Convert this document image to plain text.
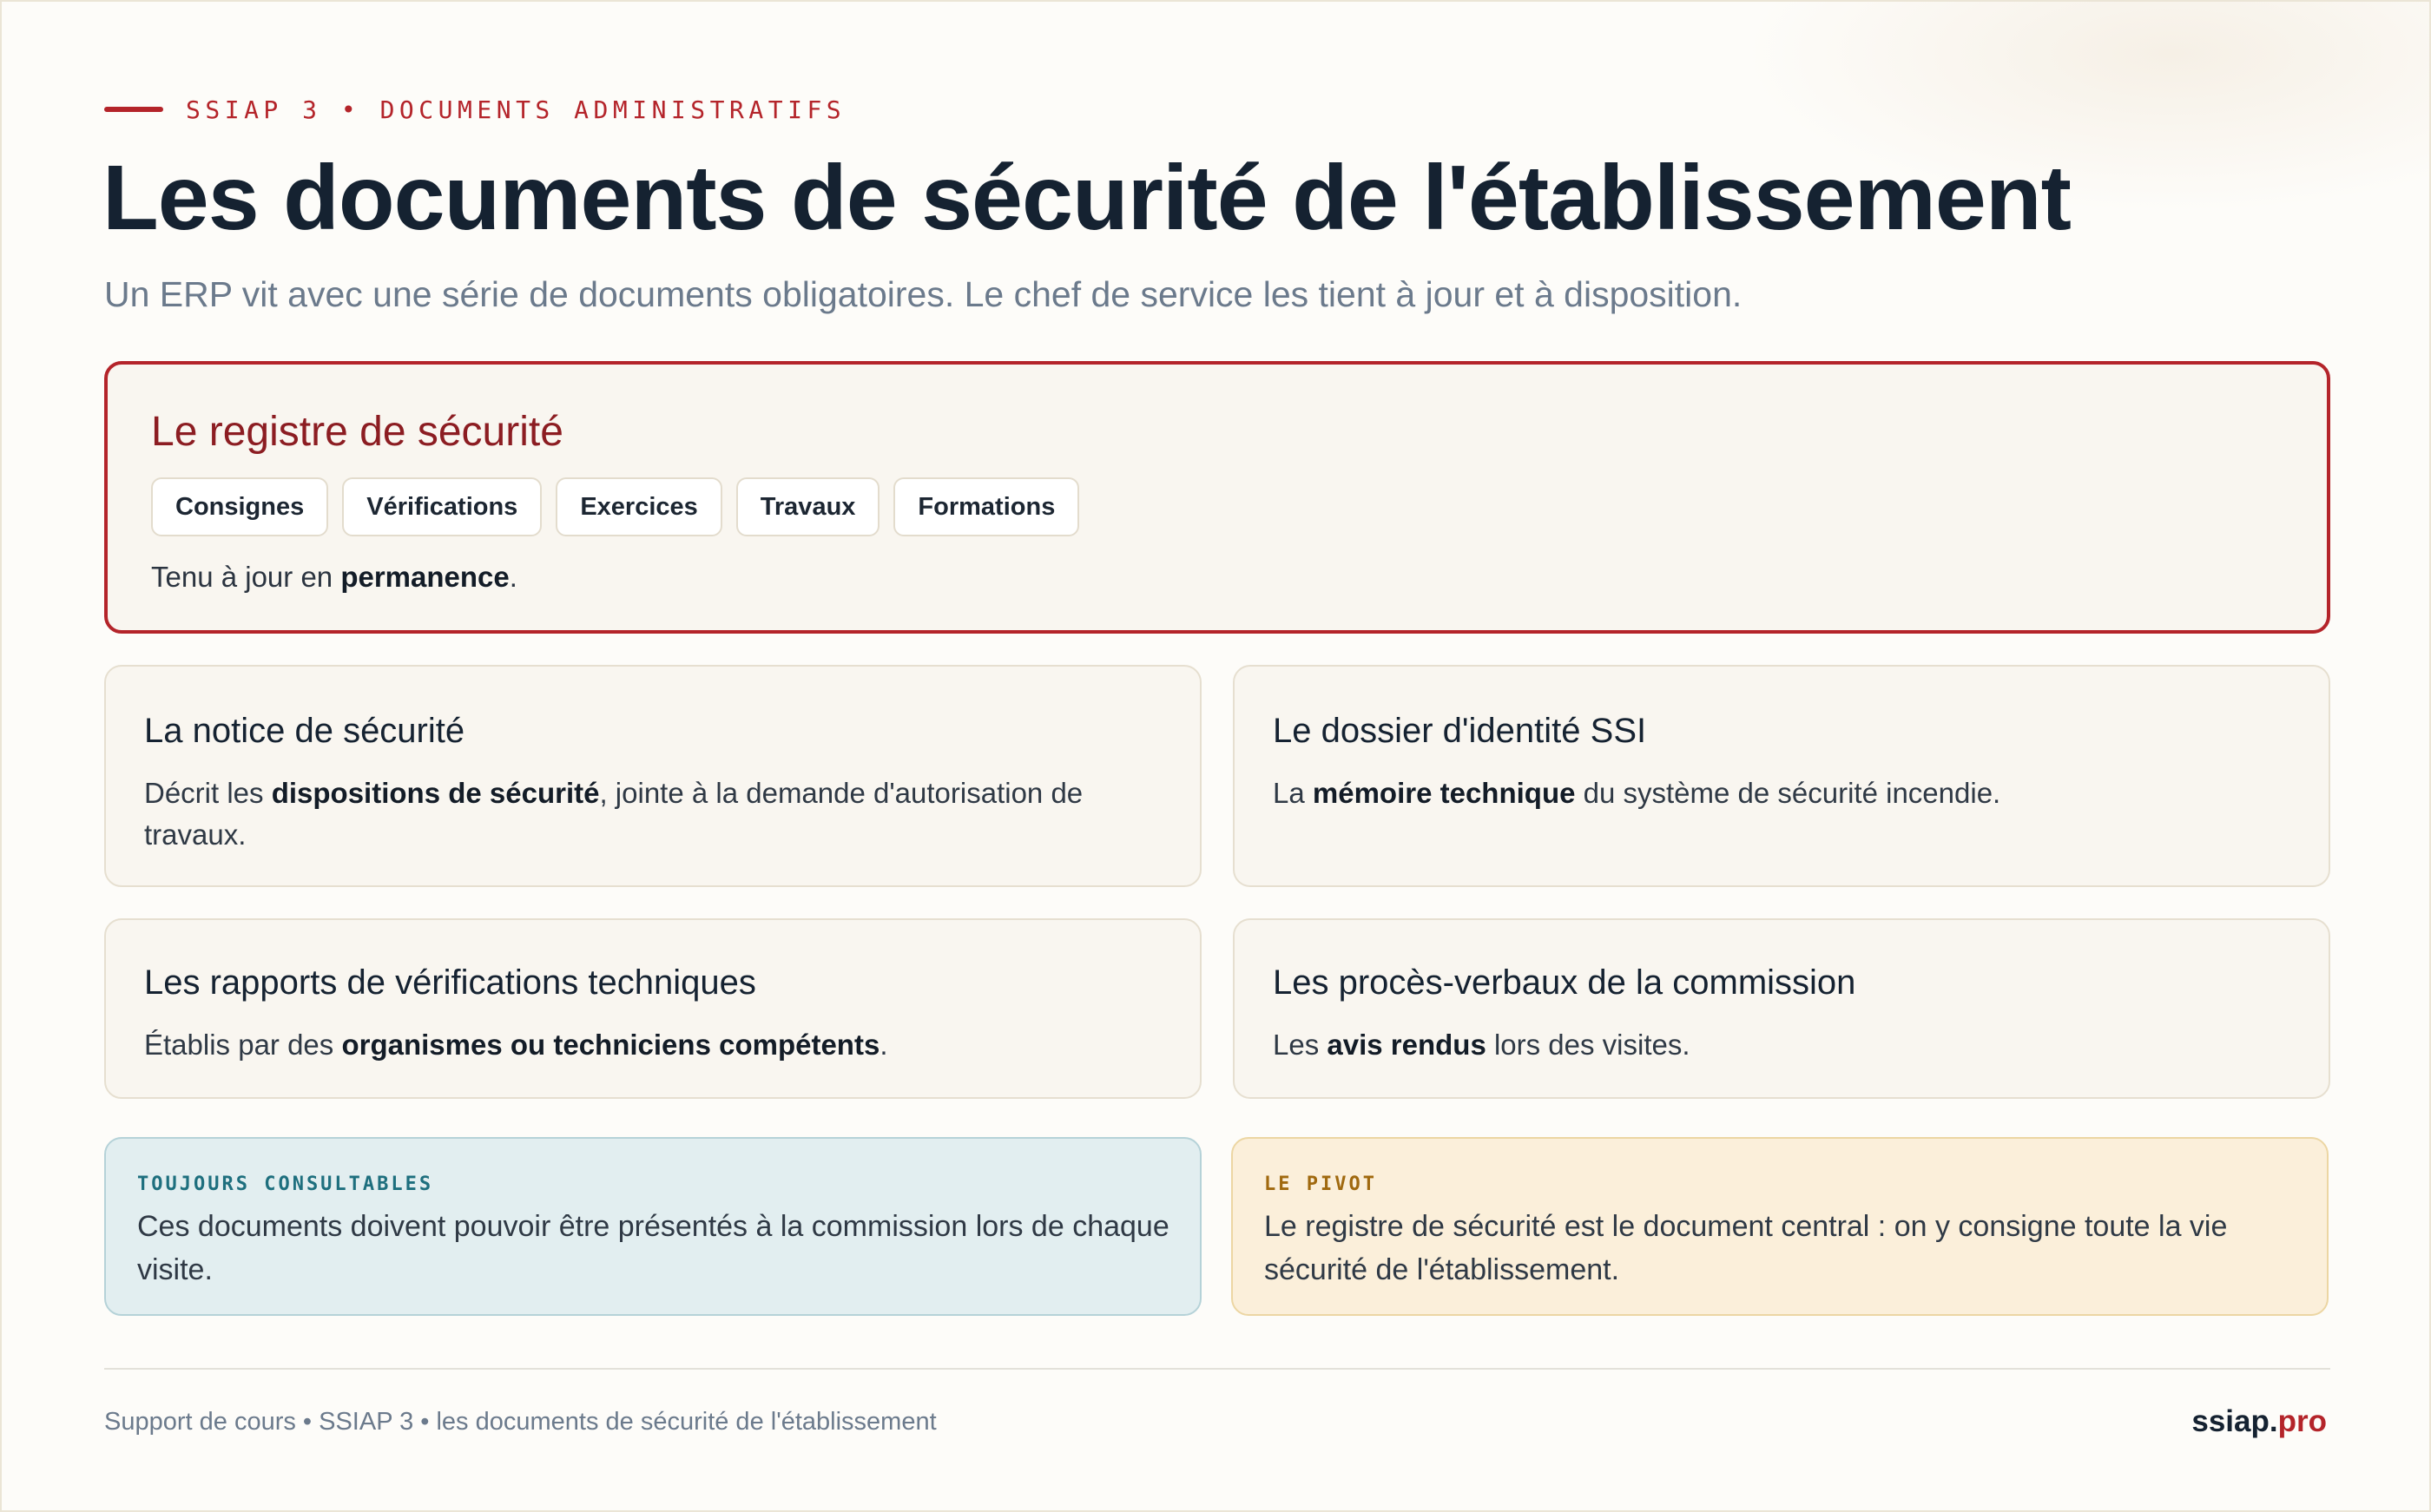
SSIAP 3 • DOCUMENTS ADMINISTRATIFS
Les documents de sécurité de l'établissement

Un ERP vit avec une série de documents obligatoires. Le chef de service les tient à jour et à disposition.

Le registre de sécurité
Consignes	Vérifications	Exercices	Travaux	Formations

Tenu à jour en permanence.

La notice de sécurité

Décrit les dispositions de sécurité, jointe à la demande d'autorisation de travaux.

Le dossier d'identité SSI

La mémoire technique du système de sécurité incendie.

Les rapports de vérifications techniques

Établis par des organismes ou techniciens compétents.

Les procès-verbaux de la commission

Les avis rendus lors des visites.

TOUJOURS CONSULTABLES

Ces documents doivent pouvoir être présentés à la commission lors de chaque visite.

LE PIVOT

Le registre de sécurité est le document central : on y consigne toute la vie sécurité de l'établissement.

Support de cours • SSIAP 3 • les documents de sécurité de l'établissement	ssiap.pro
